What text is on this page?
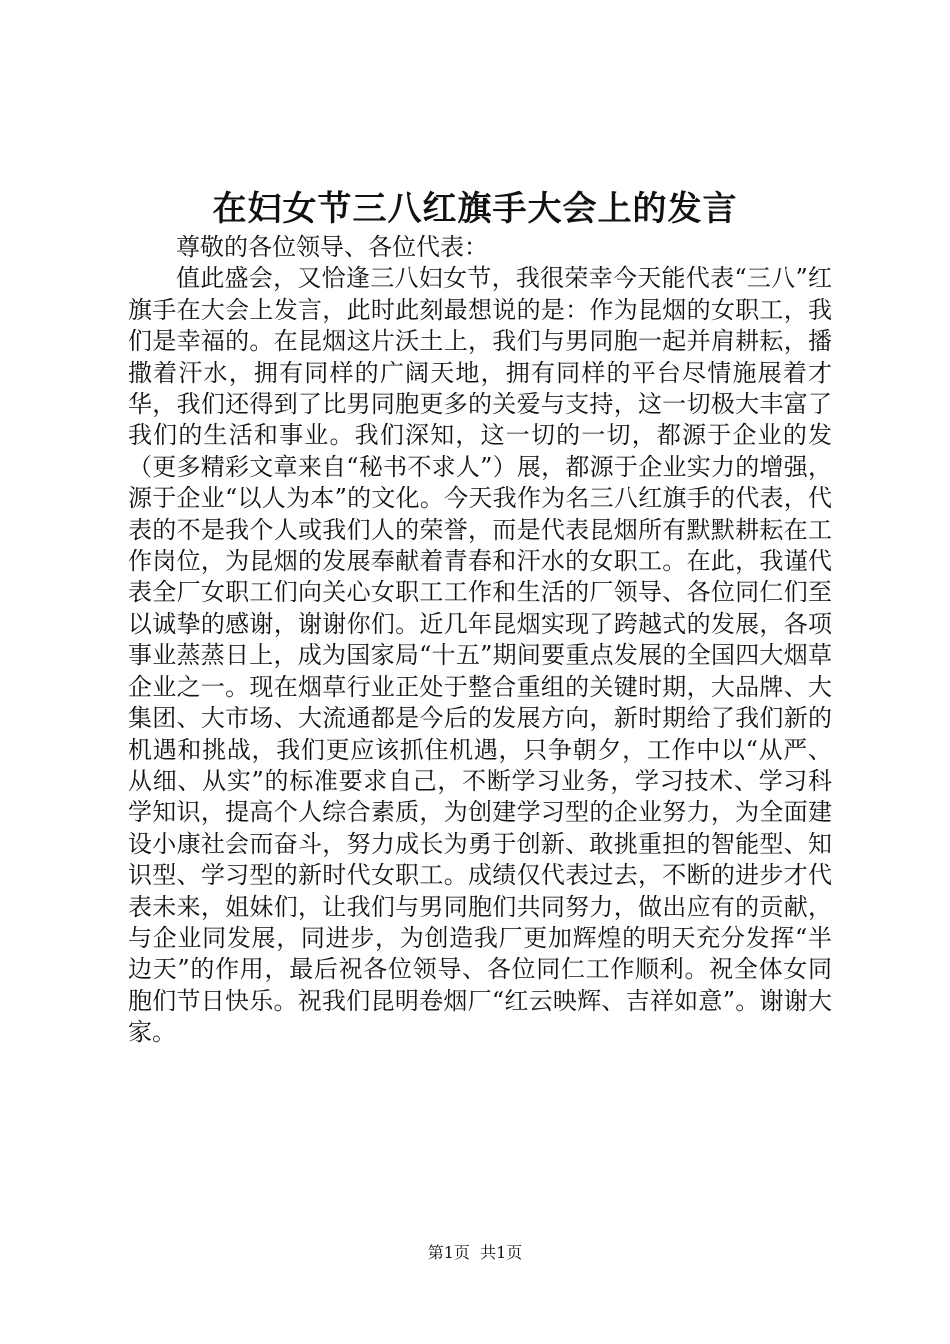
在妇女节三八红旗手大会上的发言

尊敬的各位领导、各位代表：

值此盛会，又恰逢三八妇女节，我很荣幸今天能代表“三八”红旗手在大会上发言，此时此刻最想说的是：作为昆烟的女职工，我们是幸福的。在昆烟这片沃土上，我们与男同胞一起并肩耕耘，播撒着汗水，拥有同样的广阔天地，拥有同样的平台尽情施展着才华，我们还得到了比男同胞更多的关爱与支持，这一切极大丰富了我们的生活和事业。我们深知，这一切的一切，都源于企业的发（更多精彩文章来自“秘书不求人”）展，都源于企业实力的增强，源于企业“以人为本”的文化。今天我作为名三八红旗手的代表，代表的不是我个人或我们人的荣誉，而是代表昆烟所有默默耕耘在工作岗位，为昆烟的发展奉献着青春和汗水的女职工。在此，我谨代表全厂女职工们向关心女职工工作和生活的厂领导、各位同仁们至以诚挚的感谢，谢谢你们。近几年昆烟实现了跨越式的发展，各项事业蒸蒸日上，成为国家局“十五”期间要重点发展的全国四大烟草企业之一。现在烟草行业正处于整合重组的关键时期，大品牌、大集团、大市场、大流通都是今后的发展方向，新时期给了我们新的机遇和挑战，我们更应该抓住机遇，只争朝夕，工作中以“从严、从细、从实”的标准要求自己，不断学习业务，学习技术、学习科学知识，提高个人综合素质，为创建学习型的企业努力，为全面建设小康社会而奋斗，努力成长为勇于创新、敢挑重担的智能型、知识型、学习型的新时代女职工。成绩仅代表过去，不断的进步才代表未来，姐妹们，让我们与男同胞们共同努力，做出应有的贡献，与企业同发展，同进步，为创造我厂更加辉煌的明天充分发挥“半边天”的作用，最后祝各位领导、各位同仁工作顺利。祝全体女同胞们节日快乐。祝我们昆明卷烟厂“红云映辉、吉祥如意”。谢谢大家。

第1页  共1页
